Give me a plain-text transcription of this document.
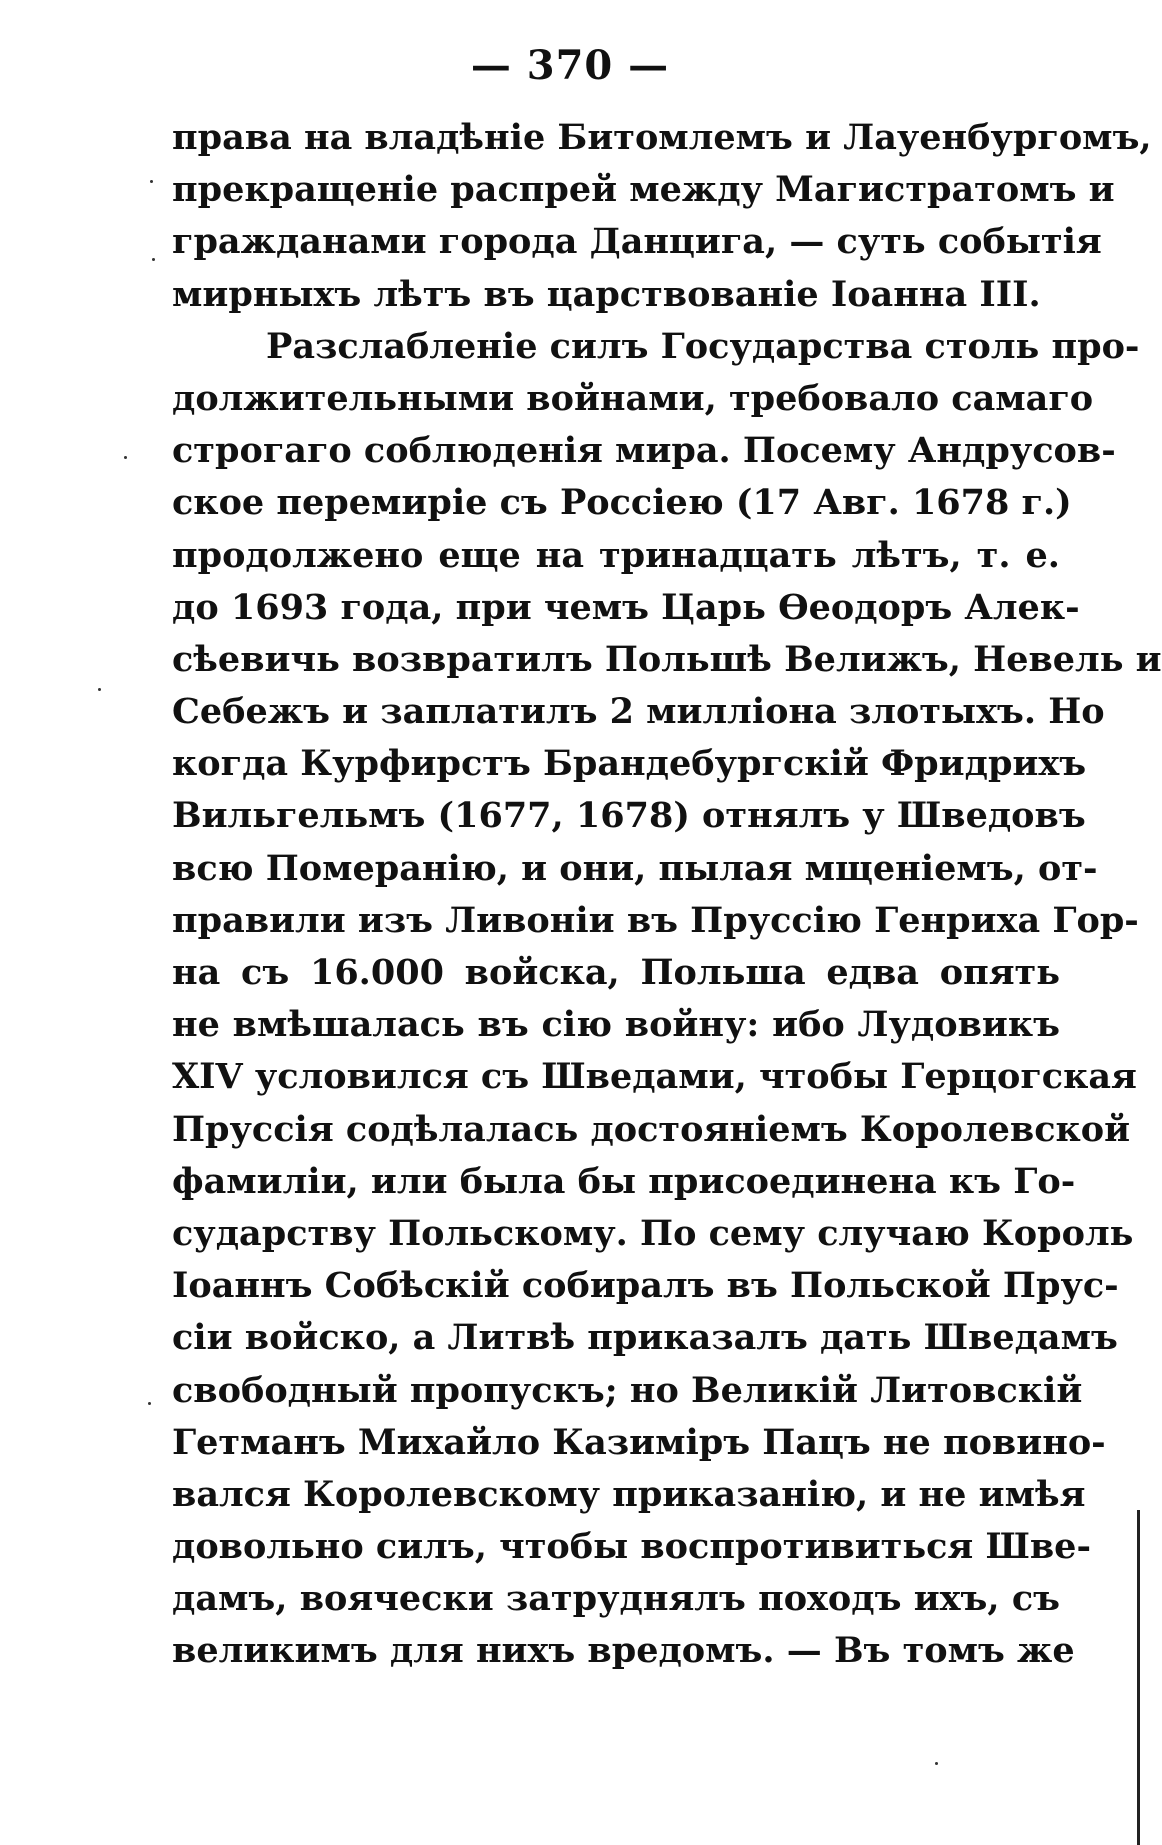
— 370 —
права на владѣніе Битомлемъ и Лауенбургомъ,
прекращеніе распрей между Магистратомъ и
гражданами города Данцига, — суть событія
мирныхъ лѣтъ въ царствованіе Іоанна III.
Разслабленіе силъ Государства столь про-
должительными войнами, требовало самаго
строгаго соблюденія мира. Посему Андрусов-
ское перемиріе съ Россіею (17 Авг. 1678 г.)
продолжено еще на тринадцать лѣтъ, т. е.
до 1693 года, при чемъ Царь Ѳеодоръ Алек-
сѣевичь возвратилъ Польшѣ Велижъ, Невель и
Себежъ и заплатилъ 2 милліона злотыхъ. Но
когда Курфирстъ Брандебургскій Фридрихъ
Вильгельмъ (1677, 1678) отнялъ у Шведовъ
всю Померанію, и они, пылая мщеніемъ, от-
правили изъ Ливоніи въ Пруссію Генриха Гор-
на съ 16.000 войска, Польша едва опять
не вмѣшалась въ сію войну: ибо Лудовикъ
XIV условился съ Шведами, чтобы Герцогская
Пруссія содѣлалась достояніемъ Королевской
фамиліи, или была бы присоединена къ Го-
сударству Польскому. По сему случаю Король
Іоаннъ Собѣскій собиралъ въ Польской Прус-
сіи войско, а Литвѣ приказалъ дать Шведамъ
свободный пропускъ; но Великій Литовскій
Гетманъ Михайло Казиміръ Пацъ не повино-
вался Королевскому приказанію, и не имѣя
довольно силъ, чтобы воспротивиться Шве-
дамъ, воячески затруднялъ походъ ихъ, съ
великимъ для нихъ вредомъ. — Въ томъ же
